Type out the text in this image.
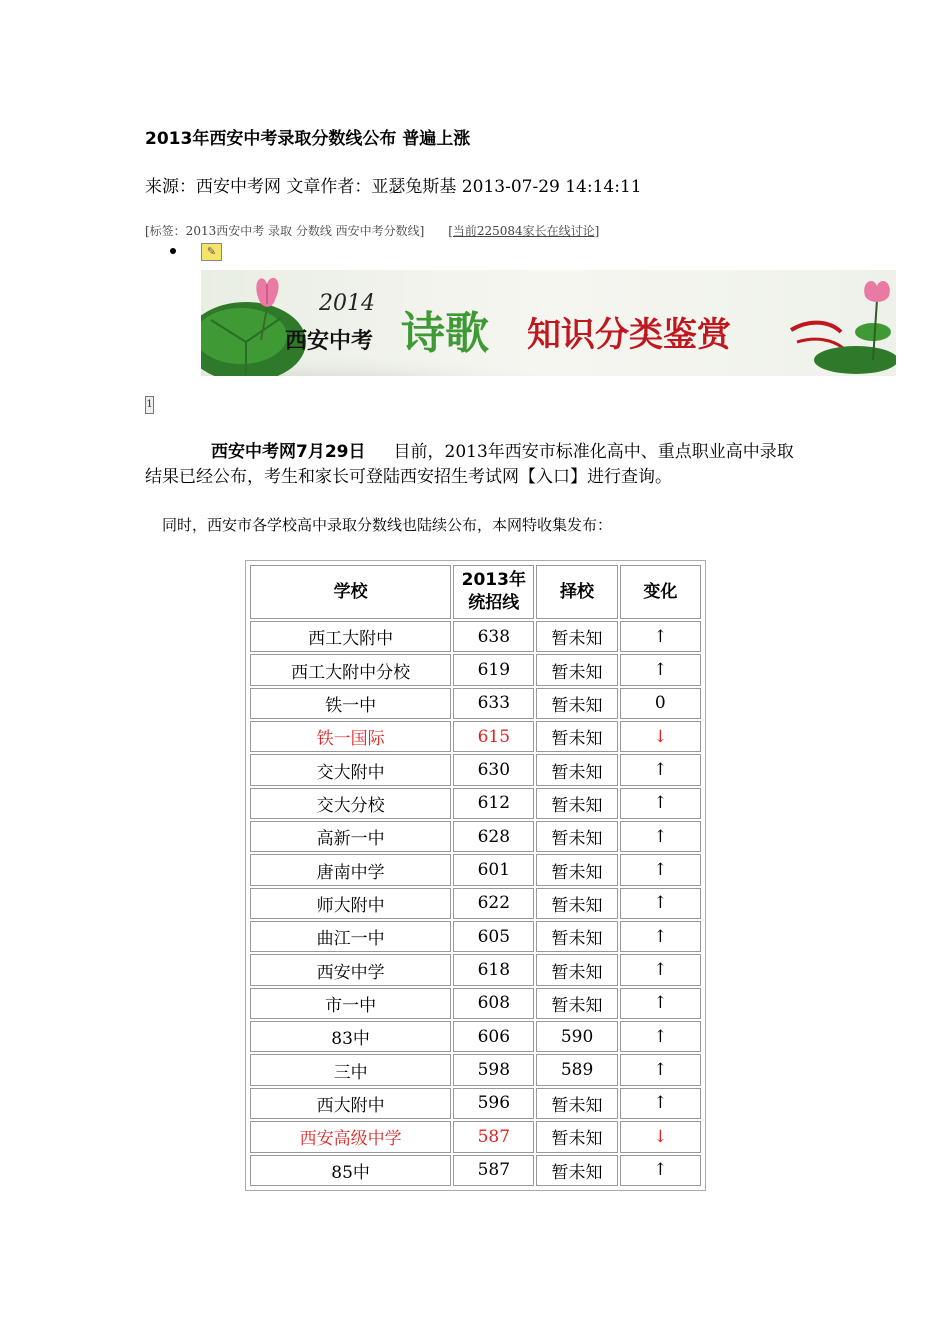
2013年西安中考录取分数线公布 普遍上涨
来源：西安中考网 文章作者：亚瑟兔斯基 2013-07-29 14:14:11
[标签：2013西安中考 录取 分数线 西安中考分数线] [当前225084家长在线讨论]
✎
2014
西安中考 诗歌 知识分类鉴赏
1
西安中考网7月29日 目前，2013年西安市标准化高中、重点职业高中录取结果已经公布，考生和家长可登陆西安招生考试网【入口】进行查询。
同时，西安市各学校高中录取分数线也陆续公布，本网特收集发布：
学校	2013年统招线	择校	变化
西工大附中	638	暂未知	↑
西工大附中分校	619	暂未知	↑
铁一中	633	暂未知	0
铁一国际	615	暂未知	↓
交大附中	630	暂未知	↑
交大分校	612	暂未知	↑
高新一中	628	暂未知	↑
唐南中学	601	暂未知	↑
师大附中	622	暂未知	↑
曲江一中	605	暂未知	↑
西安中学	618	暂未知	↑
市一中	608	暂未知	↑
83中	606	590	↑
三中	598	589	↑
西大附中	596	暂未知	↑
西安高级中学	587	暂未知	↓
85中	587	暂未知	↑
